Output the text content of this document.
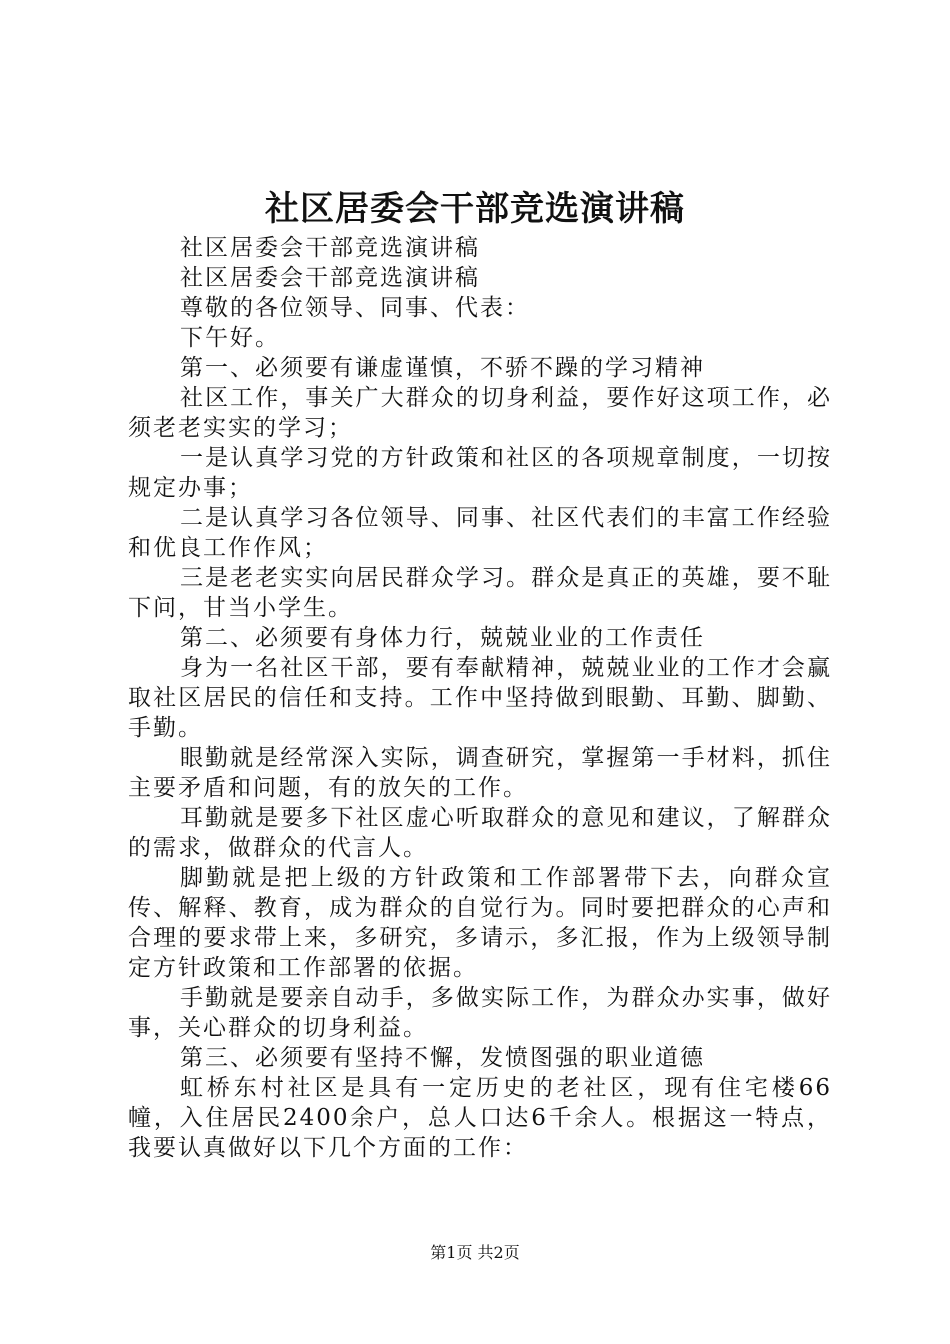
社区居委会干部竞选演讲稿

社区居委会干部竞选演讲稿

社区居委会干部竞选演讲稿

尊敬的各位领导、同事、代表：

下午好。

第一、必须要有谦虚谨慎，不骄不躁的学习精神

社区工作，事关广大群众的切身利益，要作好这项工作，必须老老实实的学习；

一是认真学习党的方针政策和社区的各项规章制度，一切按规定办事；

二是认真学习各位领导、同事、社区代表们的丰富工作经验和优良工作作风；

三是老老实实向居民群众学习。群众是真正的英雄，要不耻下问，甘当小学生。

第二、必须要有身体力行，兢兢业业的工作责任

身为一名社区干部，要有奉献精神，兢兢业业的工作才会赢取社区居民的信任和支持。工作中坚持做到眼勤、耳勤、脚勤、手勤。

眼勤就是经常深入实际，调查研究，掌握第一手材料，抓住主要矛盾和问题，有的放矢的工作。

耳勤就是要多下社区虚心听取群众的意见和建议，了解群众的需求，做群众的代言人。

脚勤就是把上级的方针政策和工作部署带下去，向群众宣传、解释、教育，成为群众的自觉行为。同时要把群众的心声和合理的要求带上来，多研究，多请示，多汇报，作为上级领导制定方针政策和工作部署的依据。

手勤就是要亲自动手，多做实际工作，为群众办实事，做好事，关心群众的切身利益。

第三、必须要有坚持不懈，发愤图强的职业道德

虹桥东村社区是具有一定历史的老社区，现有住宅楼66幢，入住居民2400余户，总人口达6千余人。根据这一特点，我要认真做好以下几个方面的工作：

第1页 共2页
